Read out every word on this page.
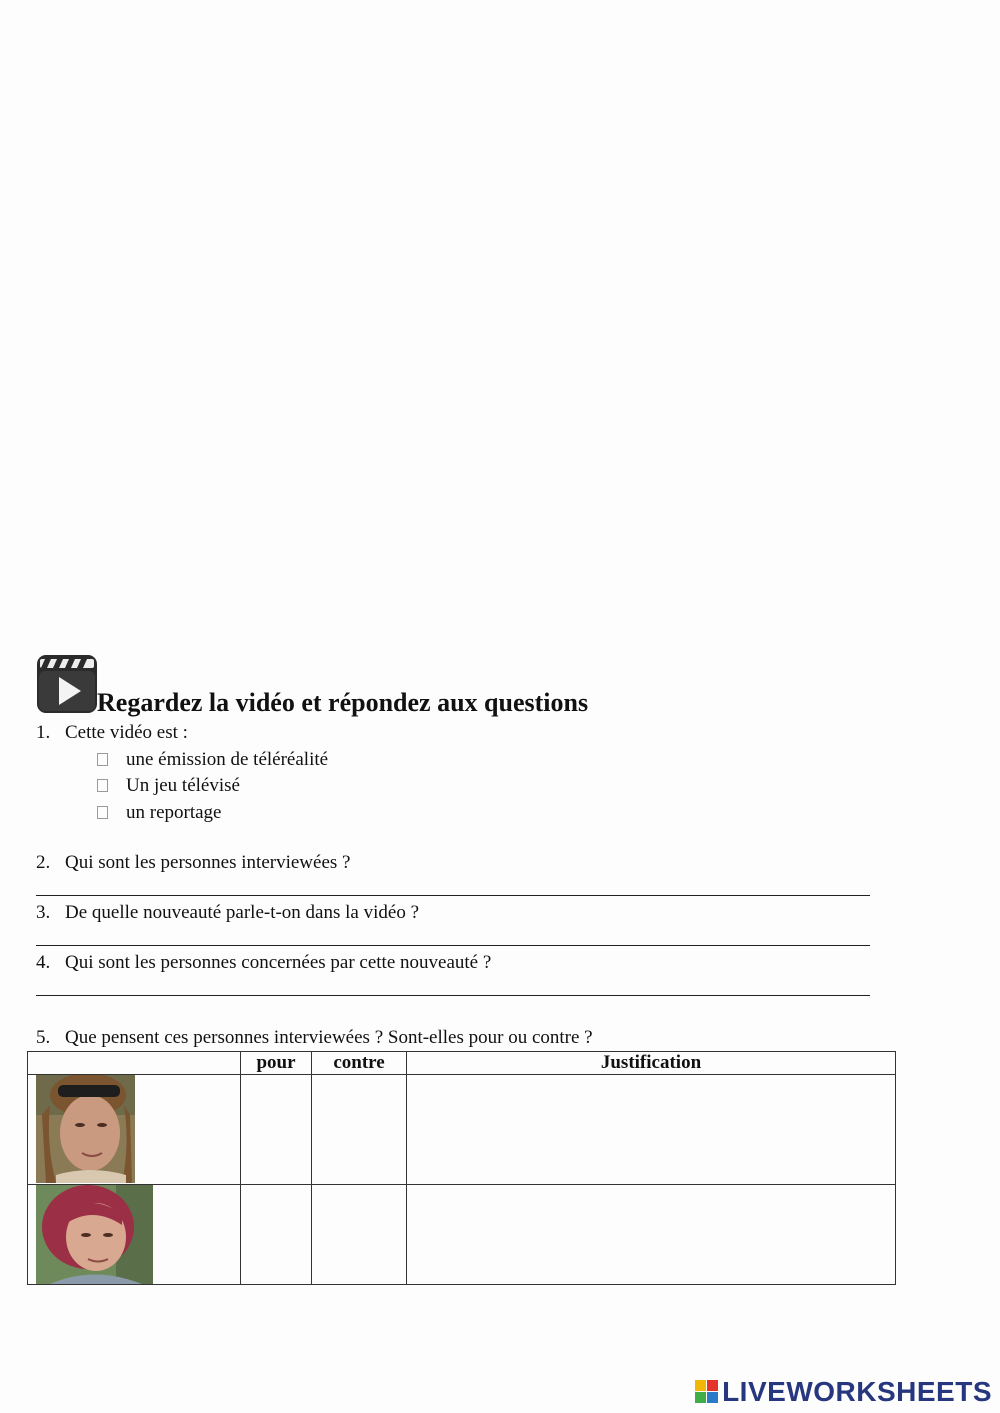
Regardez la vidéo et répondez aux questions
1. Cette vidéo est :
une émission de téléréalité
Un jeu télévisé
un reportage
2. Qui sont les personnes interviewées ?
3. De quelle nouveauté parle-t-on dans la vidéo ?
4. Qui sont les personnes concernées par cette nouveauté ?
5. Que pensent ces personnes interviewées ? Sont-elles pour ou contre ?
	pour	contre	Justification

LIVEWORKSHEETS
